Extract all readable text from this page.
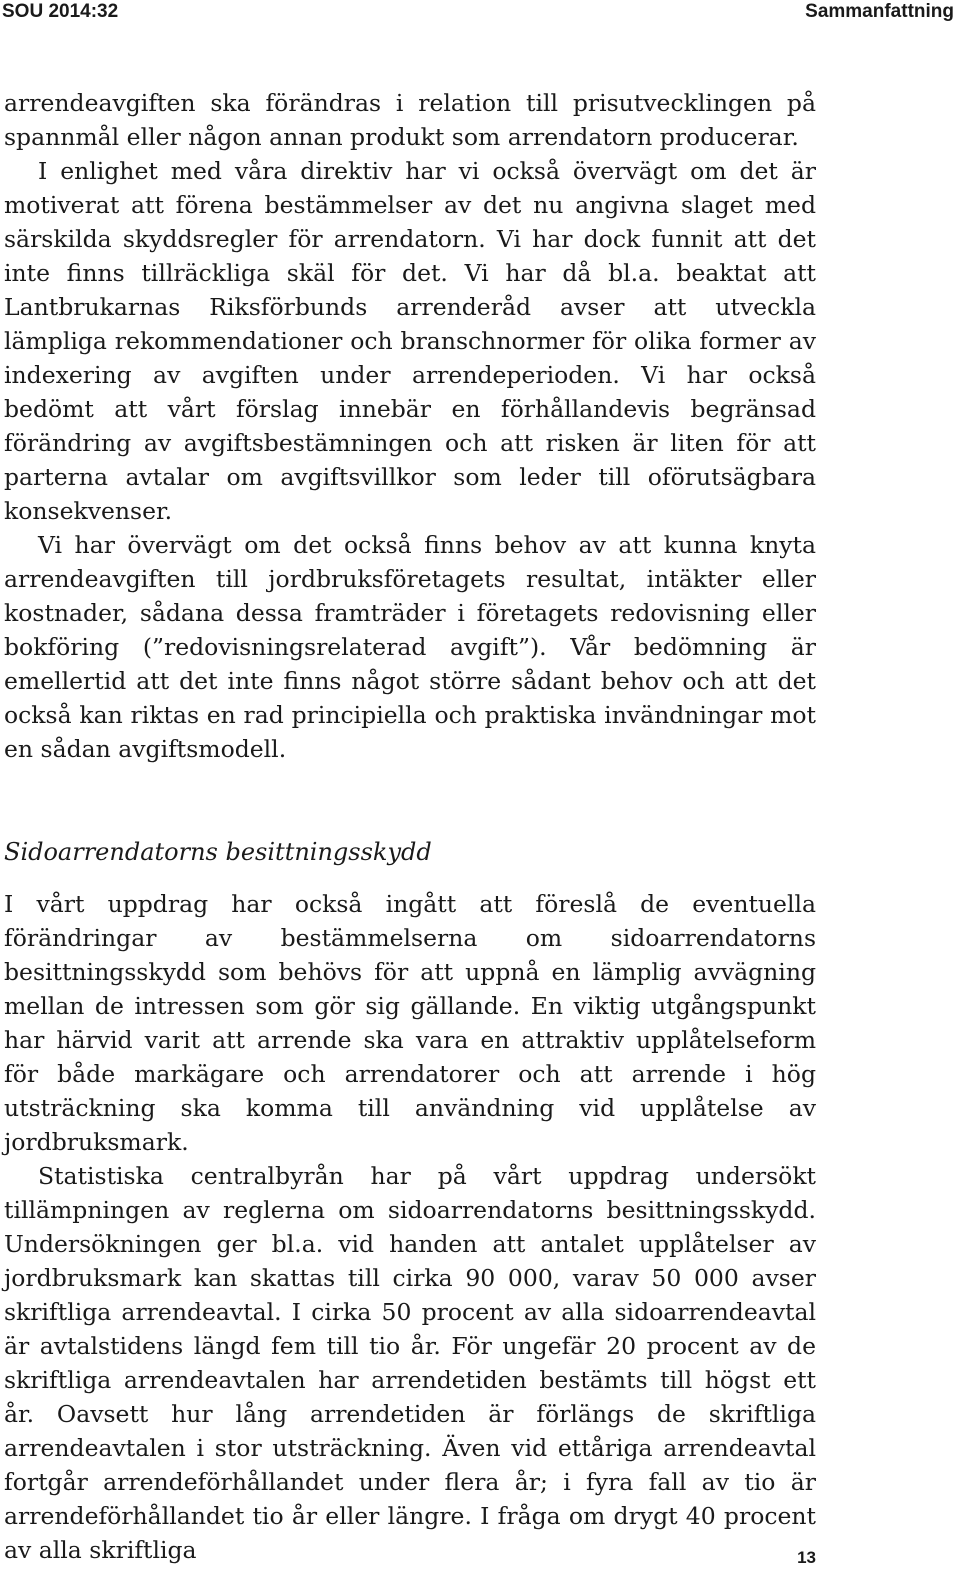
SOU 2014:32	Sammanfattning

arrendeavgiften ska förändras i relation till prisutvecklingen på spannmål eller någon annan produkt som arrendatorn producerar.

I enlighet med våra direktiv har vi också övervägt om det är motiverat att förena bestämmelser av det nu angivna slaget med särskilda skyddsregler för arrendatorn. Vi har dock funnit att det inte finns tillräckliga skäl för det. Vi har då bl.a. beaktat att Lantbrukarnas Riksförbunds arrenderåd avser att utveckla lämpliga rekommendationer och branschnormer för olika former av indexering av avgiften under arrendeperioden. Vi har också bedömt att vårt förslag innebär en förhållandevis begränsad förändring av avgiftsbestämningen och att risken är liten för att parterna avtalar om avgiftsvillkor som leder till oförutsägbara konsekvenser.

Vi har övervägt om det också finns behov av att kunna knyta arrendeavgiften till jordbruksföretagets resultat, intäkter eller kostnader, sådana dessa framträder i företagets redovisning eller bokföring (”redovisningsrelaterad avgift”). Vår bedömning är emellertid att det inte finns något större sådant behov och att det också kan riktas en rad principiella och praktiska invändningar mot en sådan avgiftsmodell.

Sidoarrendatorns besittningsskydd

I vårt uppdrag har också ingått att föreslå de eventuella förändringar av bestämmelserna om sidoarrendatorns besittningsskydd som behövs för att uppnå en lämplig avvägning mellan de intressen som gör sig gällande. En viktig utgångspunkt har härvid varit att arrende ska vara en attraktiv upplåtelseform för både markägare och arrendatorer och att arrende i hög utsträckning ska komma till användning vid upplåtelse av jordbruksmark.

Statistiska centralbyrån har på vårt uppdrag undersökt tillämpningen av reglerna om sidoarrendatorns besittningsskydd. Undersökningen ger bl.a. vid handen att antalet upplåtelser av jordbruksmark kan skattas till cirka 90 000, varav 50 000 avser skriftliga arrendeavtal. I cirka 50 procent av alla sidoarrendeavtal är avtalstidens längd fem till tio år. För ungefär 20 procent av de skriftliga arrendeavtalen har arrendetiden bestämts till högst ett år. Oavsett hur lång arrendetiden är förlängs de skriftliga arrendeavtalen i stor utsträckning. Även vid ettåriga arrendeavtal fortgår arrendeförhållandet under flera år; i fyra fall av tio är arrendeförhållandet tio år eller längre. I fråga om drygt 40 procent av alla skriftliga	13
